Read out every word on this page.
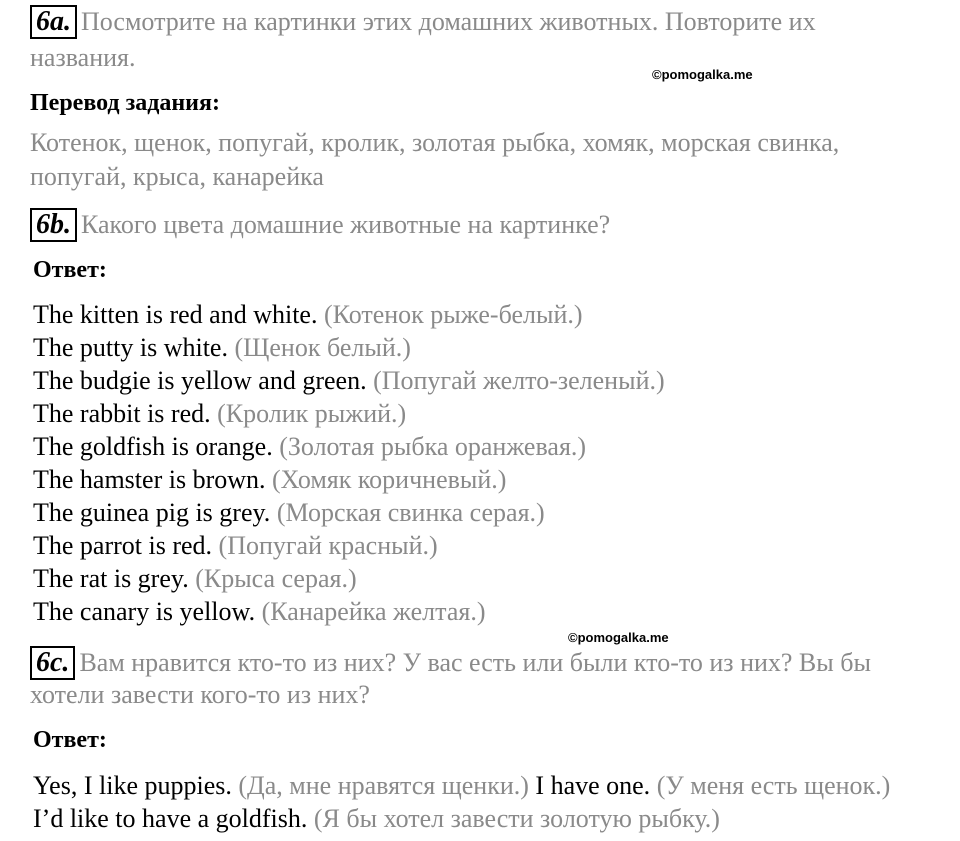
6a. Посмотрите на картинки этих домашних животных. Повторите их
названия.
©pomogalka.me
Перевод задания:
Котенок, щенок, попугай, кролик, золотая рыбка, хомяк, морская свинка,
попугай, крыса, канарейка
6b. Какого цвета домашние животные на картинке?
Ответ:
The kitten is red and white. (Котенок рыже-белый.)
The putty is white. (Щенок белый.)
The budgie is yellow and green. (Попугай желто-зеленый.)
The rabbit is red. (Кролик рыжий.)
The goldfish is orange. (Золотая рыбка оранжевая.)
The hamster is brown. (Хомяк коричневый.)
The guinea pig is grey. (Морская свинка серая.)
The parrot is red. (Попугай красный.)
The rat is grey. (Крыса серая.)
The canary is yellow. (Канарейка желтая.)
©pomogalka.me
6c. Вам нравится кто-то из них? У вас есть или были кто-то из них? Вы бы
хотели завести кого-то из них?
Ответ:
Yes, I like puppies. (Да, мне нравятся щенки.) I have one. (У меня есть щенок.)
I’d like to have a goldfish. (Я бы хотел завести золотую рыбку.)
